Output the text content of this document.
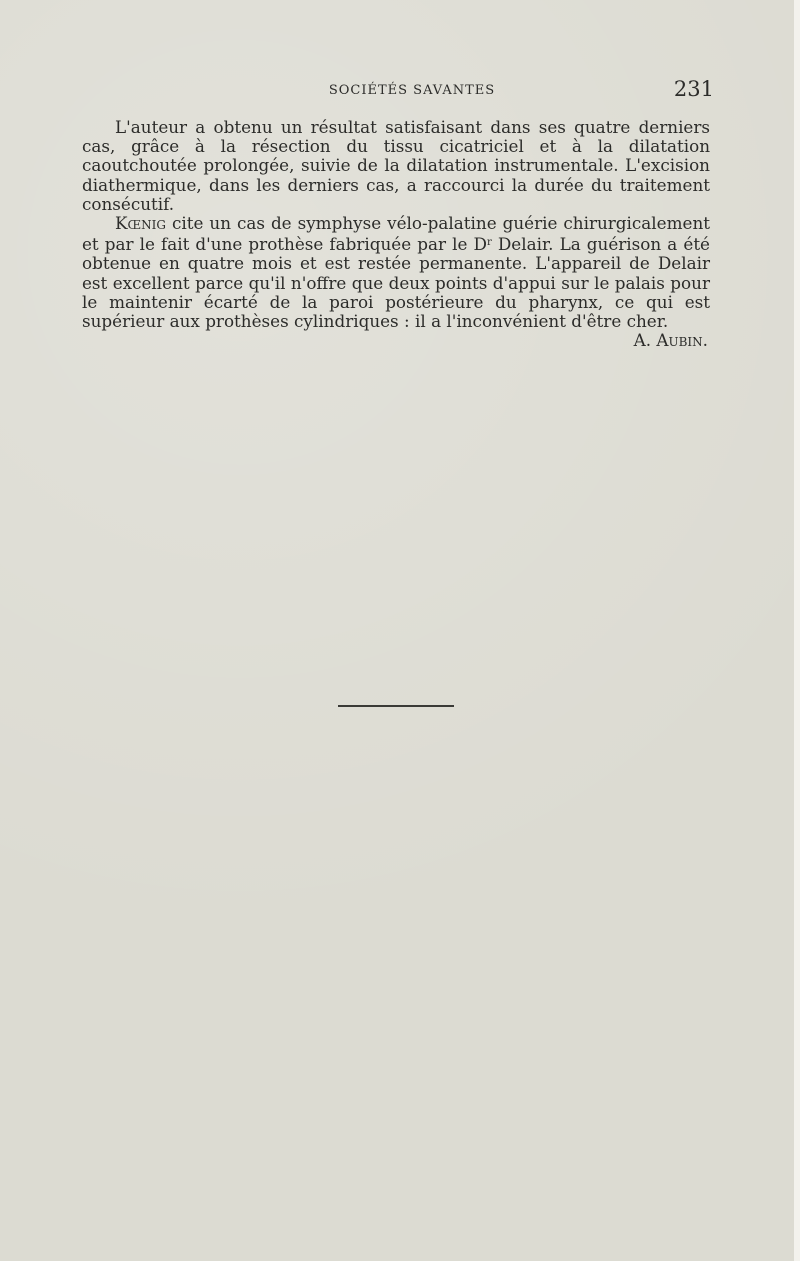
SOCIÉTÉS SAVANTES	231

L'auteur a obtenu un résultat satisfaisant dans ses quatre derniers cas, grâce à la résection du tissu cicatriciel et à la dilatation caoutchoutée prolongée, suivie de la dilatation instrumentale. L'excision diathermique, dans les derniers cas, a raccourci la durée du traitement consécutif.

Kœnig cite un cas de symphyse vélo-palatine guérie chirurgicalement et par le fait d'une prothèse fabriquée par le $D^r$ Delair. La guérison a été obtenue en quatre mois et est restée permanente. L'appareil de Delair est excellent parce qu'il n'offre que deux points d'appui sur le palais pour le maintenir écarté de la paroi postérieure du pharynx, ce qui est supérieur aux prothèses cylindriques : il a l'inconvénient d'être cher.

A. Aubin.
